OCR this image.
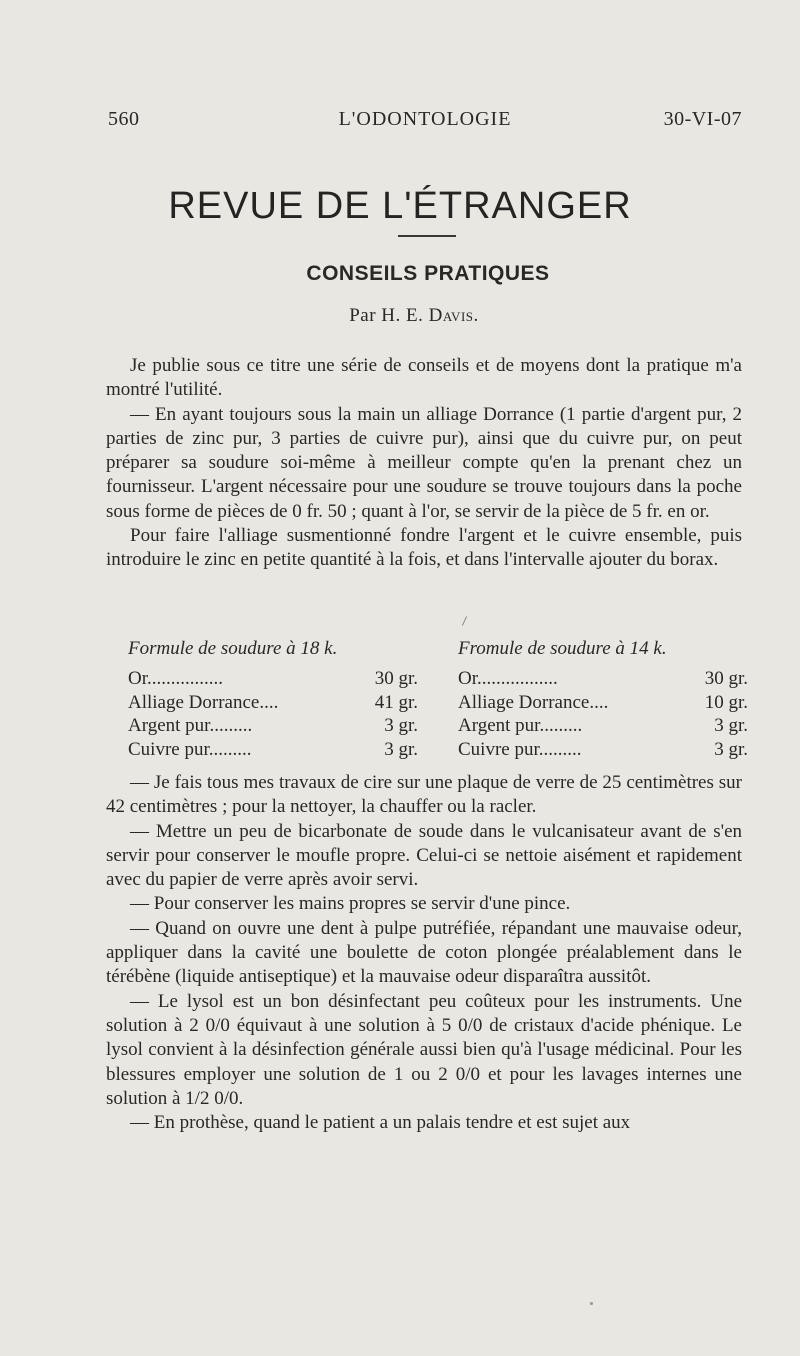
560	L'ODONTOLOGIE	30-VI-07
REVUE DE L'ÉTRANGER
CONSEILS PRATIQUES
Par H. E. Davis.

Je publie sous ce titre une série de conseils et de moyens dont la pratique m'a montré l'utilité.

— En ayant toujours sous la main un alliage Dorrance (1 partie d'argent pur, 2 parties de zinc pur, 3 parties de cuivre pur), ainsi que du cuivre pur, on peut préparer sa soudure soi-même à meilleur compte qu'en la prenant chez un fournisseur. L'argent nécessaire pour une soudure se trouve toujours dans la poche sous forme de pièces de 0 fr. 50 ; quant à l'or, se servir de la pièce de 5 fr. en or.

Pour faire l'alliage susmentionné fondre l'argent et le cuivre ensemble, puis introduire le zinc en petite quantité à la fois, et dans l'intervalle ajouter du borax.

Formule de soudure à 18 k.
Or................	30 gr.
Alliage Dorrance....	41 gr.
Argent pur.........	3 gr.
Cuivre pur.........	3 gr.
Fromule de soudure à 14 k.
Or.................	30 gr.
Alliage Dorrance....	10 gr.
Argent pur.........	3 gr.
Cuivre pur.........	3 gr.

— Je fais tous mes travaux de cire sur une plaque de verre de 25 centimètres sur 42 centimètres ; pour la nettoyer, la chauffer ou la racler.

— Mettre un peu de bicarbonate de soude dans le vulcanisateur avant de s'en servir pour conserver le moufle propre. Celui-ci se nettoie aisément et rapidement avec du papier de verre après avoir servi.

— Pour conserver les mains propres se servir d'une pince.

— Quand on ouvre une dent à pulpe putréfiée, répandant une mauvaise odeur, appliquer dans la cavité une boulette de coton plongée préalablement dans le térébène (liquide antiseptique) et la mauvaise odeur disparaîtra aussitôt.

— Le lysol est un bon désinfectant peu coûteux pour les instruments. Une solution à 2 0/0 équivaut à une solution à 5 0/0 de cristaux d'acide phénique. Le lysol convient à la désinfection générale aussi bien qu'à l'usage médicinal. Pour les blessures employer une solution de 1 ou 2 0/0 et pour les lavages internes une solution à 1/2 0/0.

— En prothèse, quand le patient a un palais tendre et est sujet aux
